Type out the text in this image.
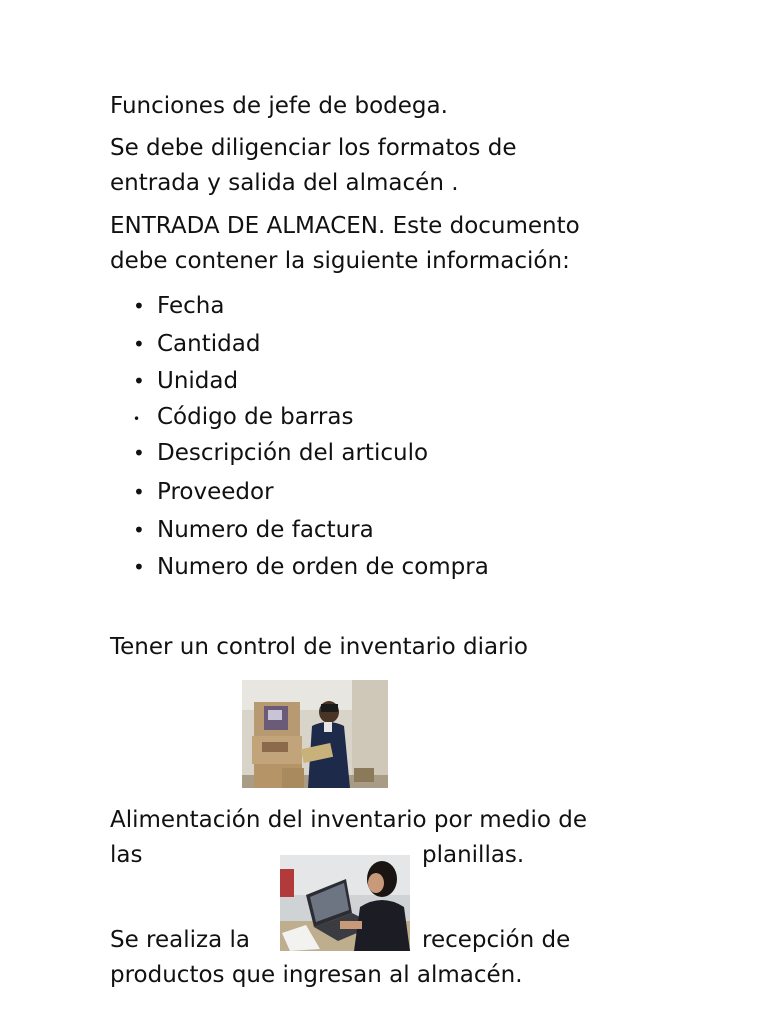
Funciones de jefe de bodega.
Se debe diligenciar los formatos de
entrada y salida del almacén .
ENTRADA DE ALMACEN. Este documento
debe contener la siguiente información:
• Fecha
• Cantidad
• Unidad
• Código de barras
• Descripción del articulo
• Proveedor
• Numero de factura
• Numero de orden de compra
Tener un control de inventario diario
Alimentación del inventario por medio de
las	planillas.
Se realiza la	recepción de
productos que ingresan al almacén.
